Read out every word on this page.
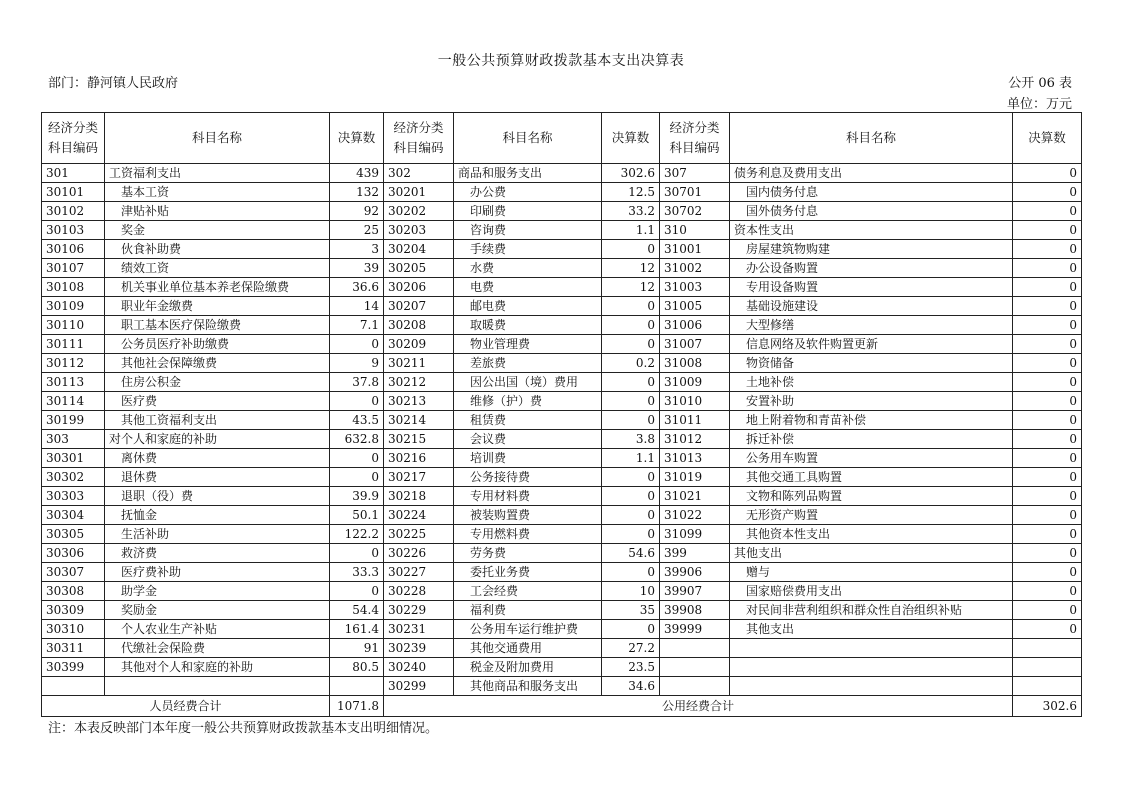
一般公共预算财政拨款基本支出决算表
部门：静河镇人民政府	公开 06 表
单位：万元
经济分类科目编码	科目名称	决算数	经济分类科目编码	科目名称	决算数	经济分类科目编码	科目名称	决算数
301	工资福利支出	439	302	商品和服务支出	302.6	307	债务利息及费用支出	0
30101	基本工资	132	30201	办公费	12.5	30701	国内债务付息	0
30102	津贴补贴	92	30202	印刷费	33.2	30702	国外债务付息	0
30103	奖金	25	30203	咨询费	1.1	310	资本性支出	0
30106	伙食补助费	3	30204	手续费	0	31001	房屋建筑物购建	0
30107	绩效工资	39	30205	水费	12	31002	办公设备购置	0
30108	机关事业单位基本养老保险缴费	36.6	30206	电费	12	31003	专用设备购置	0
30109	职业年金缴费	14	30207	邮电费	0	31005	基础设施建设	0
30110	职工基本医疗保险缴费	7.1	30208	取暖费	0	31006	大型修缮	0
30111	公务员医疗补助缴费	0	30209	物业管理费	0	31007	信息网络及软件购置更新	0
30112	其他社会保障缴费	9	30211	差旅费	0.2	31008	物资储备	0
30113	住房公积金	37.8	30212	因公出国（境）费用	0	31009	土地补偿	0
30114	医疗费	0	30213	维修（护）费	0	31010	安置补助	0
30199	其他工资福利支出	43.5	30214	租赁费	0	31011	地上附着物和青苗补偿	0
303	对个人和家庭的补助	632.8	30215	会议费	3.8	31012	拆迁补偿	0
30301	离休费	0	30216	培训费	1.1	31013	公务用车购置	0
30302	退休费	0	30217	公务接待费	0	31019	其他交通工具购置	0
30303	退职（役）费	39.9	30218	专用材料费	0	31021	文物和陈列品购置	0
30304	抚恤金	50.1	30224	被装购置费	0	31022	无形资产购置	0
30305	生活补助	122.2	30225	专用燃料费	0	31099	其他资本性支出	0
30306	救济费	0	30226	劳务费	54.6	399	其他支出	0
30307	医疗费补助	33.3	30227	委托业务费	0	39906	赠与	0
30308	助学金	0	30228	工会经费	10	39907	国家赔偿费用支出	0
30309	奖励金	54.4	30229	福利费	35	39908	对民间非营利组织和群众性自治组织补贴	0
30310	个人农业生产补贴	161.4	30231	公务用车运行维护费	0	39999	其他支出	0
30311	代缴社会保险费	91	30239	其他交通费用	27.2			
30399	其他对个人和家庭的补助	80.5	30240	税金及附加费用	23.5			
			30299	其他商品和服务支出	34.6			
人员经费合计		1071.8	公用经费合计					302.6
注：本表反映部门本年度一般公共预算财政拨款基本支出明细情况。
